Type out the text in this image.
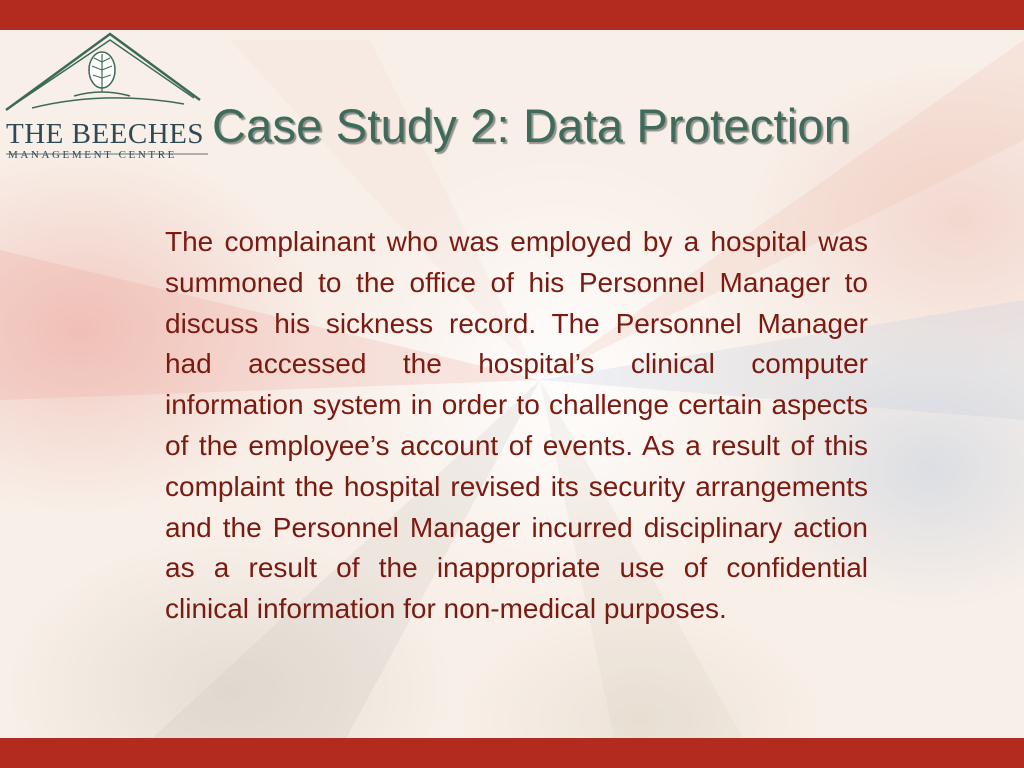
THE BEECHES
MANAGEMENT CENTRE
Case Study 2: Data Protection

The complainant who was employed by a hospital was summoned to the office of his Personnel Manager to discuss his sickness record. The Personnel Manager had accessed the hospital’s clinical computer information system in order to challenge certain aspects of the employee’s account of events. As a result of this complaint the hospital revised its security arrangements and the Personnel Manager incurred disciplinary action as a result of the inappropriate use of confidential clinical information for non-medical purposes.
